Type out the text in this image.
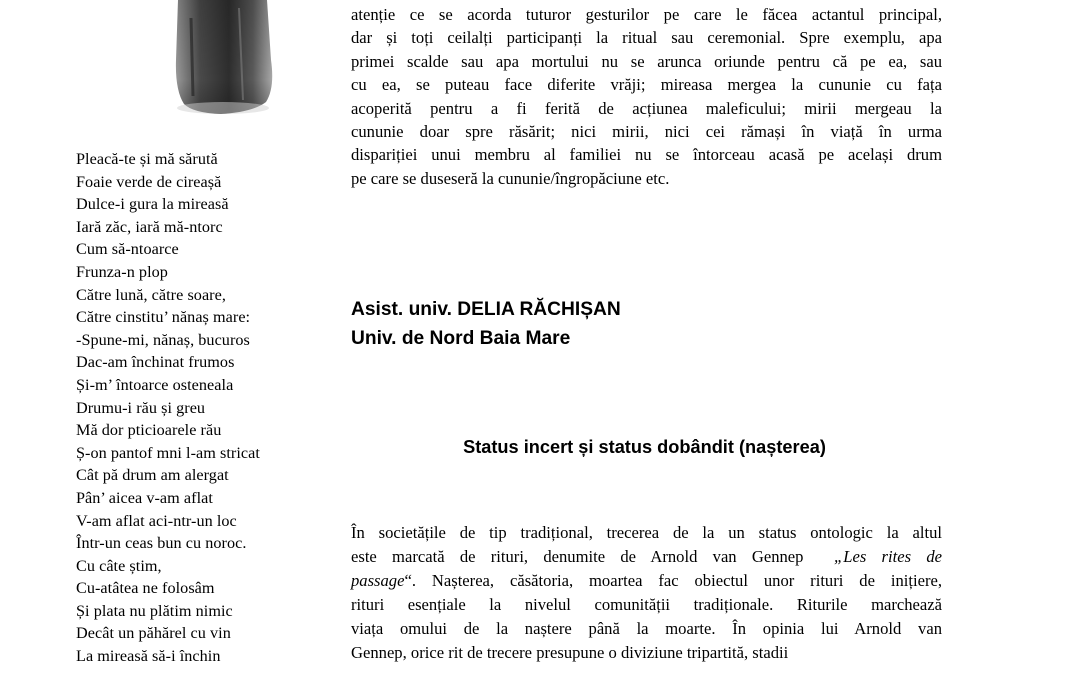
Pleacă-te și mă sărută
Foaie verde de cireașă
Dulce-i gura la mireasă
Iară zăc, iară mă-ntorc
Cum să-ntoarce
Frunza-n plop
Către lună, către soare,
Către cinstitu’ nănaș mare:
-Spune-mi, nănaș, bucuros
Dac-am închinat frumos
Și-m’ întoarce osteneala
Drumu-i rău și greu
Mă dor pticioarele rău
Ș-on pantof mni l-am stricat
Cât pă drum am alergat
Pân’ aicea v-am aflat
V-am aflat aci-ntr-un loc
Într-un ceas bun cu noroc.
Cu câte știm,
Cu-atâtea ne folosâm
Și plata nu plătim nimic
Decât un păhărel cu vin
La mireasă să-i închin
atenție ce se acorda tuturor gesturilor pe care le făcea actantul principal,
dar și toți ceilalți participanți la ritual sau ceremonial. Spre exemplu, apa
primei scalde sau apa mortului nu se arunca oriunde pentru că pe ea, sau
cu ea, se puteau face diferite vrăji; mireasa mergea la cununie cu fața
acoperită pentru a fi ferită de acțiunea maleficului; mirii mergeau la
cununie doar spre răsărit; nici mirii, nici cei rămași în viață în urma
dispariției unui membru al familiei nu se întorceau acasă pe același drum
pe care se duseseră la cununie/îngropăciune etc.
Asist. univ. DELIA RĂCHIȘAN
Univ. de Nord Baia Mare
Status incert și status dobândit (nașterea)
În societățile de tip tradițional, trecerea de la un status ontologic la altul
este marcată de rituri, denumite de Arnold van Gennep „Les rites de
passage“. Nașterea, căsătoria, moartea fac obiectul unor rituri de inițiere,
rituri esențiale la nivelul comunității tradiționale. Riturile marchează
viața omului de la naștere până la moarte. În opinia lui Arnold van
Gennep, orice rit de trecere presupune o diviziune tripartită, stadii
